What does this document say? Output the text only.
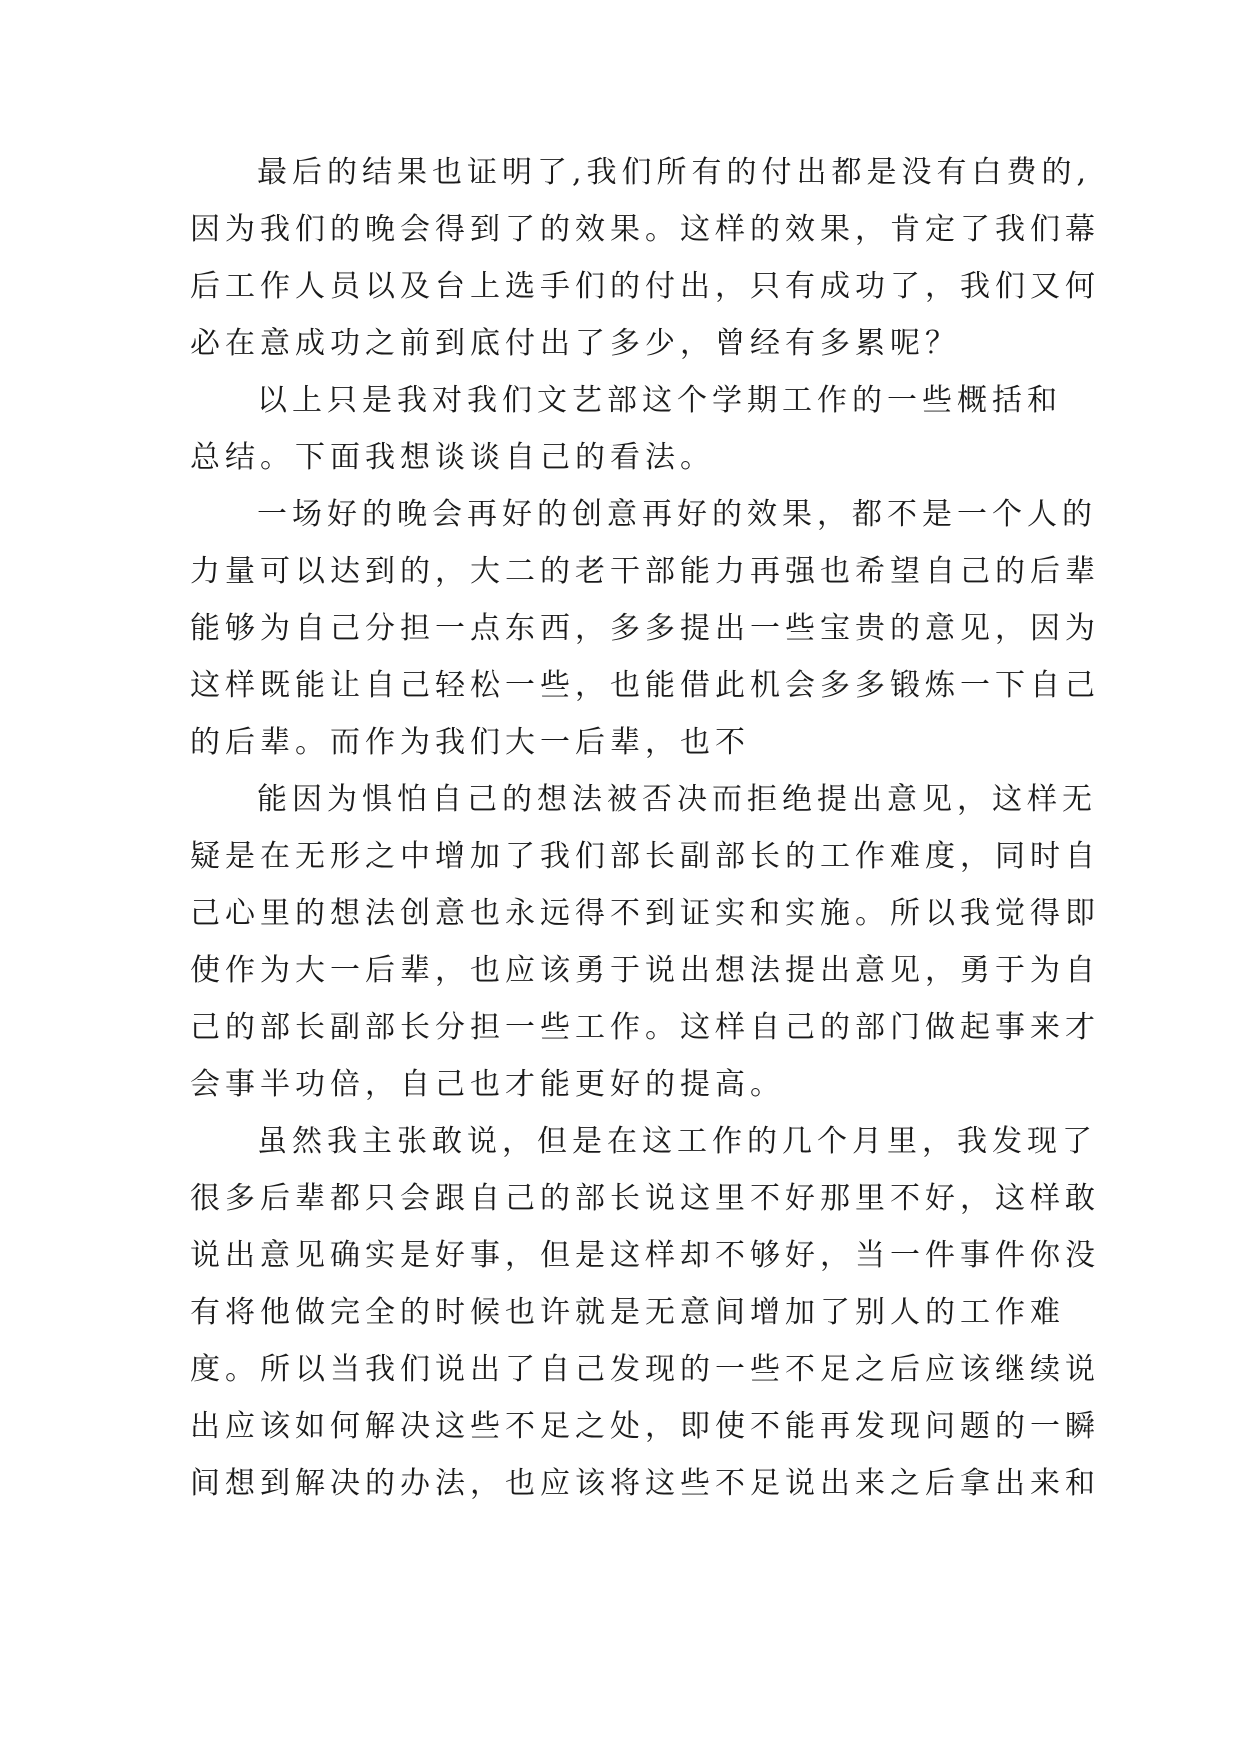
最后的结果也证明了,我们所有的付出都是没有白费的,
因为我们的晚会得到了的效果。这样的效果，肯定了我们幕
后工作人员以及台上选手们的付出，只有成功了，我们又何
必在意成功之前到底付出了多少，曾经有多累呢？
以上只是我对我们文艺部这个学期工作的一些概括和
总结。下面我想谈谈自己的看法。
一场好的晚会再好的创意再好的效果，都不是一个人的
力量可以达到的，大二的老干部能力再强也希望自己的后辈
能够为自己分担一点东西，多多提出一些宝贵的意见，因为
这样既能让自己轻松一些，也能借此机会多多锻炼一下自己
的后辈。而作为我们大一后辈，也不
能因为惧怕自己的想法被否决而拒绝提出意见，这样无
疑是在无形之中增加了我们部长副部长的工作难度，同时自
己心里的想法创意也永远得不到证实和实施。所以我觉得即
使作为大一后辈，也应该勇于说出想法提出意见，勇于为自
己的部长副部长分担一些工作。这样自己的部门做起事来才
会事半功倍，自己也才能更好的提高。
虽然我主张敢说，但是在这工作的几个月里，我发现了
很多后辈都只会跟自己的部长说这里不好那里不好，这样敢
说出意见确实是好事，但是这样却不够好，当一件事件你没
有将他做完全的时候也许就是无意间增加了别人的工作难
度。所以当我们说出了自己发现的一些不足之后应该继续说
出应该如何解决这些不足之处，即使不能再发现问题的一瞬
间想到解决的办法，也应该将这些不足说出来之后拿出来和
